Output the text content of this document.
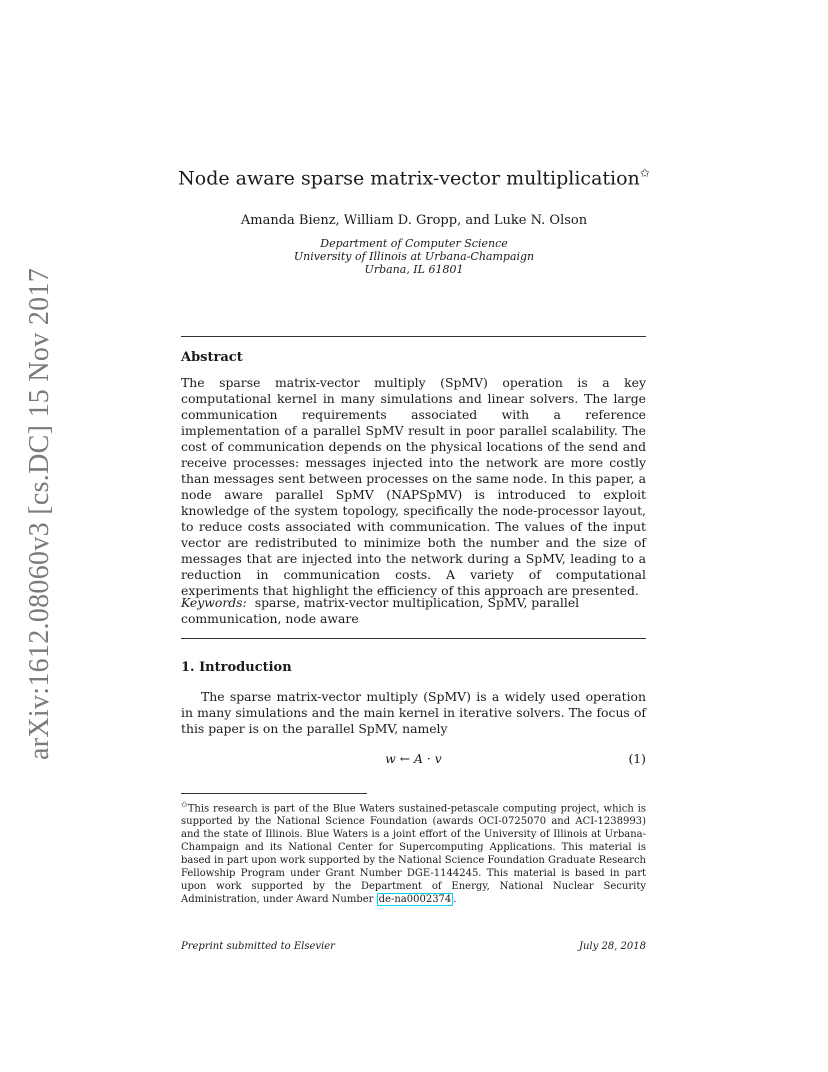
arXiv:1612.08060v3 [cs.DC] 15 Nov 2017
Node aware sparse matrix-vector multiplication✩
Amanda Bienz, William D. Gropp, and Luke N. Olson
Department of Computer Science
University of Illinois at Urbana-Champaign
Urbana, IL 61801
Abstract
The sparse matrix-vector multiply (SpMV) operation is a key computational kernel in many simulations and linear solvers. The large communication requirements associated with a reference implementation of a parallel SpMV result in poor parallel scalability. The cost of communication depends on the physical locations of the send and receive processes: messages injected into the network are more costly than messages sent between processes on the same node. In this paper, a node aware parallel SpMV (NAPSpMV) is introduced to exploit knowledge of the system topology, specifically the node-processor layout, to reduce costs associated with communication. The values of the input vector are redistributed to minimize both the number and the size of messages that are injected into the network during a SpMV, leading to a reduction in communication costs. A variety of computational experiments that highlight the efficiency of this approach are presented.
Keywords: sparse, matrix-vector multiplication, SpMV, parallel communication, node aware
1. Introduction
The sparse matrix-vector multiply (SpMV) is a widely used operation in many simulations and the main kernel in iterative solvers. The focus of this paper is on the parallel SpMV, namely
w ← A · v	(1)
✩This research is part of the Blue Waters sustained-petascale computing project, which is supported by the National Science Foundation (awards OCI-0725070 and ACI-1238993) and the state of Illinois. Blue Waters is a joint effort of the University of Illinois at Urbana-Champaign and its National Center for Supercomputing Applications. This material is based in part upon work supported by the National Science Foundation Graduate Research Fellowship Program under Grant Number DGE-1144245. This material is based in part upon work supported by the Department of Energy, National Nuclear Security Administration, under Award Number de-na0002374 .
Preprint submitted to Elsevier	July 28, 2018
